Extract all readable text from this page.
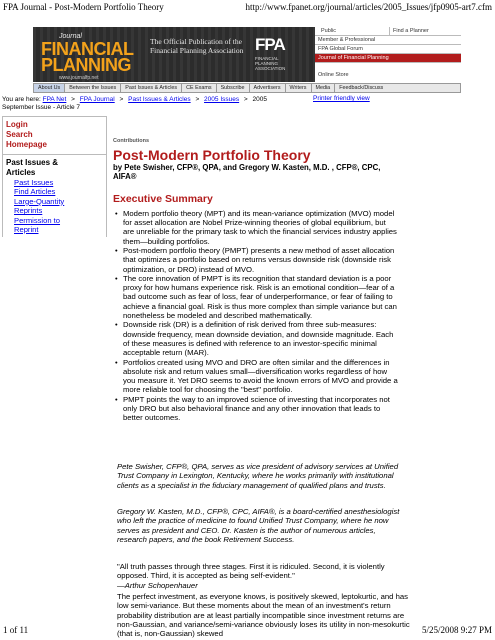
FPA Journal - Post-Modern Portfolio Theory	http://www.fpanet.org/journal/articles/2005_Issues/jfp0905-art7.cfm
Journal
FINANCIAL
PLANNING
www.journalfp.net
The Official Publication of the Financial Planning Association FPA
FINANCIAL PLANNING ASSOCIATION
Public	Find a Planner
Member & Professional
FPA Global Forum
Journal of Financial Planning
Online Store
About Us	Between the Issues	Past Issues & Articles	CE Exams	Subscribe	Advertisers	Writers	Media	Feedback/Discuss
You are here: FPA Net > FPA Journal > Past Issues & Articles > 2005 Issues > 2005	Printer friendly view
September Issue - Article 7
Login
Search
Homepage
Past Issues &
Articles
Past Issues
Find Articles
Large-Quantity
Reprints
Permission to
Reprint
Contributions
Post-Modern Portfolio Theory
by Pete Swisher, CFP®, QPA, and Gregory W. Kasten, M.D. , CFP®, CPC, AIFA®
Executive Summary
• Modern portfolio theory (MPT) and its mean-variance optimization (MVO) model for asset allocation are Nobel Prize-winning theories of global equilibrium, but are unreliable for the primary task to which the financial services industry applies them—building portfolios.
• Post-modern portfolio theory (PMPT) presents a new method of asset allocation that optimizes a portfolio based on returns versus downside risk (downside risk optimization, or DRO) instead of MVO.
• The core innovation of PMPT is its recognition that standard deviation is a poor proxy for how humans experience risk. Risk is an emotional condition—fear of a bad outcome such as fear of loss, fear of underperformance, or fear of failing to achieve a financial goal. Risk is thus more complex than simple variance but can nonetheless be modeled and described mathematically.
• Downside risk (DR) is a definition of risk derived from three sub-measures: downside frequency, mean downside deviation, and downside magnitude. Each of these measures is defined with reference to an investor-specific minimal acceptable return (MAR).
• Portfolios created using MVO and DRO are often similar and the differences in absolute risk and return values small—diversification works regardless of how you measure it. Yet DRO seems to avoid the known errors of MVO and provide a more reliable tool for choosing the "best" portfolio.
• PMPT points the way to an improved science of investing that incorporates not only DRO but also behavioral finance and any other innovation that leads to better outcomes.
Pete Swisher, CFP®, QPA, serves as vice president of advisory services at Unified Trust Company in Lexington, Kentucky, where he works primarily with institutional clients as a specialist in the fiduciary management of qualified plans and trusts.
Gregory W. Kasten, M.D., CFP®, CPC, AIFA®, is a board-certified anesthesiologist who left the practice of medicine to found Unified Trust Company, where he now serves as president and CEO. Dr. Kasten is the author of numerous articles, research papers, and the book Retirement Success.
"All truth passes through three stages. First it is ridiculed. Second, it is violently opposed. Third, it is accepted as being self-evident."
—Arthur Schopenhauer
The perfect investment, as everyone knows, is positively skewed, leptokurtic, and has low semi-variance. But these moments about the mean of an investment's return probability distribution are at least partially incompatible since investment returns are non-Gaussian, and variance/semi-variance obviously loses its utility in non-mesokurtic (that is, non-Gaussian) skewed
1 of 11	5/25/2008 9:27 PM
